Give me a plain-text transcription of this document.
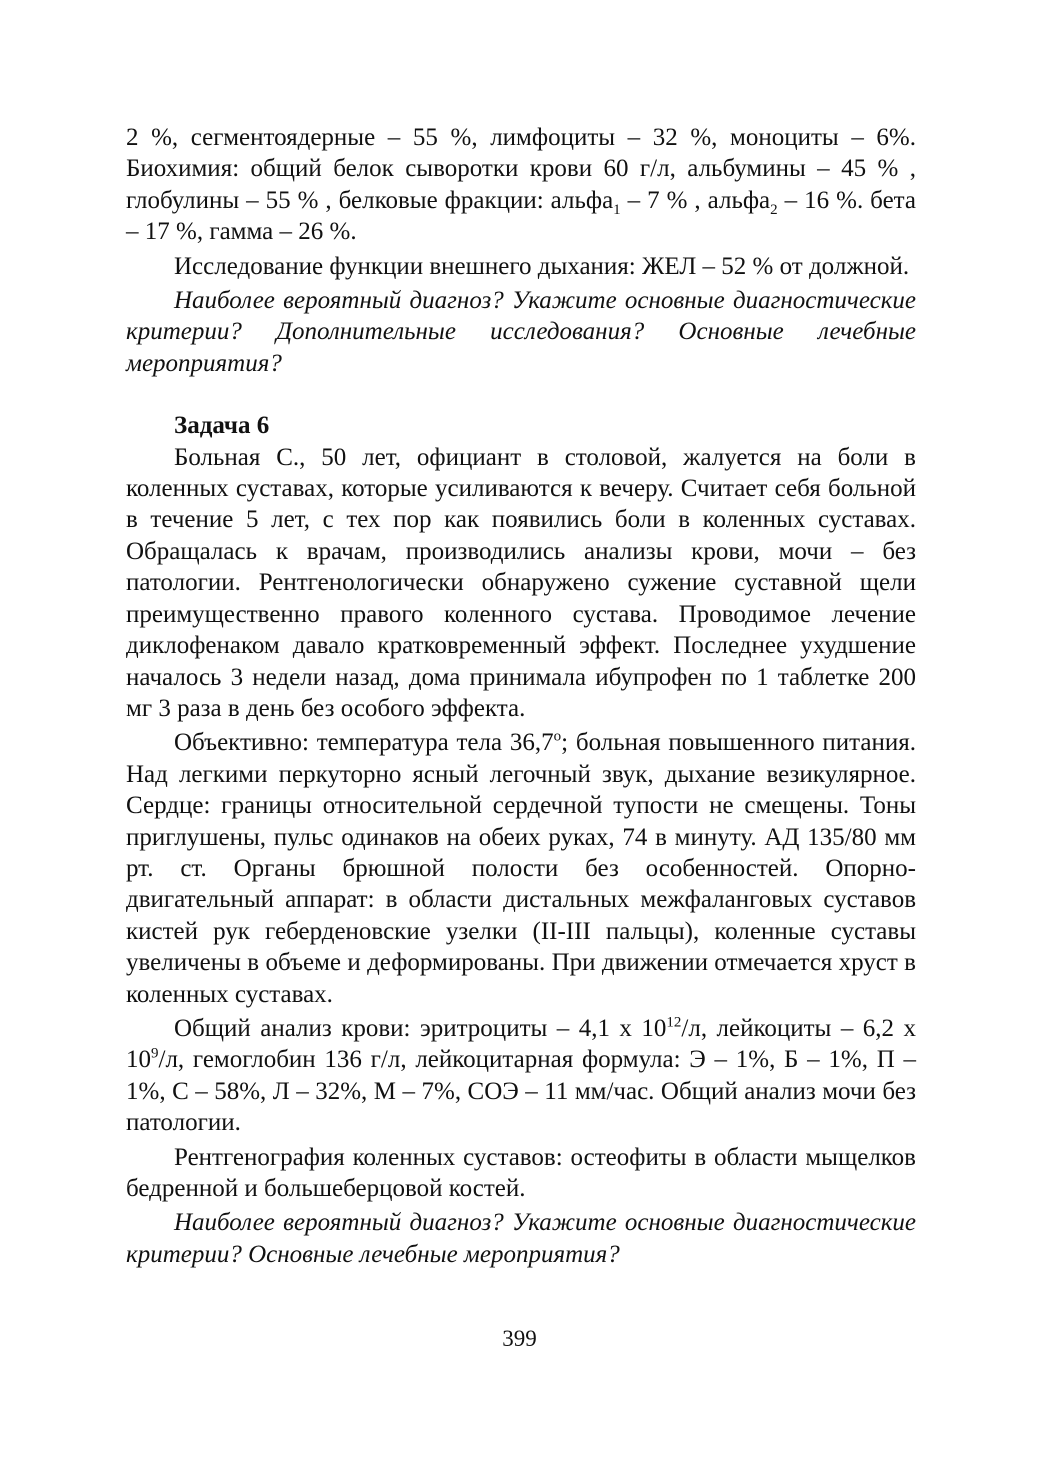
2 %, сегментоядерные – 55 %, лимфоциты – 32 %, моноциты – 6%. Биохимия: общий белок сыворотки крови 60 г/л, альбумины – 45 % , глобулины – 55 % , белковые фракции: альфа$_1$ – 7 % , альфа$_2$ – 16 %. бета – 17 %, гамма – 26 %.

Исследование функции внешнего дыхания: ЖЕЛ – 52 % от должной.

Наиболее вероятный диагноз? Укажите основные диагностические критерии? Дополнительные исследования? Основные лечебные мероприятия?

Задача 6

Больная С., 50 лет, официант в столовой, жалуется на боли в коленных суставах, которые усиливаются к вечеру. Считает себя больной в течение 5 лет, с тех пор как появились боли в коленных суставах. Обращалась к врачам, производились анализы крови, мочи – без патологии. Рентгенологически обнаружено сужение суставной щели преимущественно правого коленного сустава. Проводимое лечение диклофенаком давало кратковременный эффект. Последнее ухудшение началось 3 недели назад, дома принимала ибупрофен по 1 таблетке 200 мг 3 раза в день без особого эффекта.

Объективно: температура тела $36,7^о$; больная повышенного питания. Над легкими перкуторно ясный легочный звук, дыхание везикулярное. Сердце: границы относительной сердечной тупости не смещены. Тоны приглушены, пульс одинаков на обеих руках, 74 в минуту. АД 135/80 мм рт. ст. Органы брюшной полости без особенностей. Опорно-двигательный аппарат: в области дистальных межфаланговых суставов кистей рук геберденовские узелки (II-III пальцы), коленные суставы увеличены в объеме и деформированы. При движении отмечается хруст в коленных суставах.

Общий анализ крови: эритроциты – 4,1 х $10^{12}/л$, лейкоциты – 6,2 х $10^9/л$, гемоглобин 136 г/л, лейкоцитарная формула: Э – 1%, Б – 1%, П – 1%, С – 58%, Л – 32%, М – 7%, СОЭ – 11 мм/час. Общий анализ мочи без патологии.

Рентгенография коленных суставов: остеофиты в области мыщелков бедренной и большеберцовой костей.

Наиболее вероятный диагноз? Укажите основные диагностические критерии? Основные лечебные мероприятия?

399
